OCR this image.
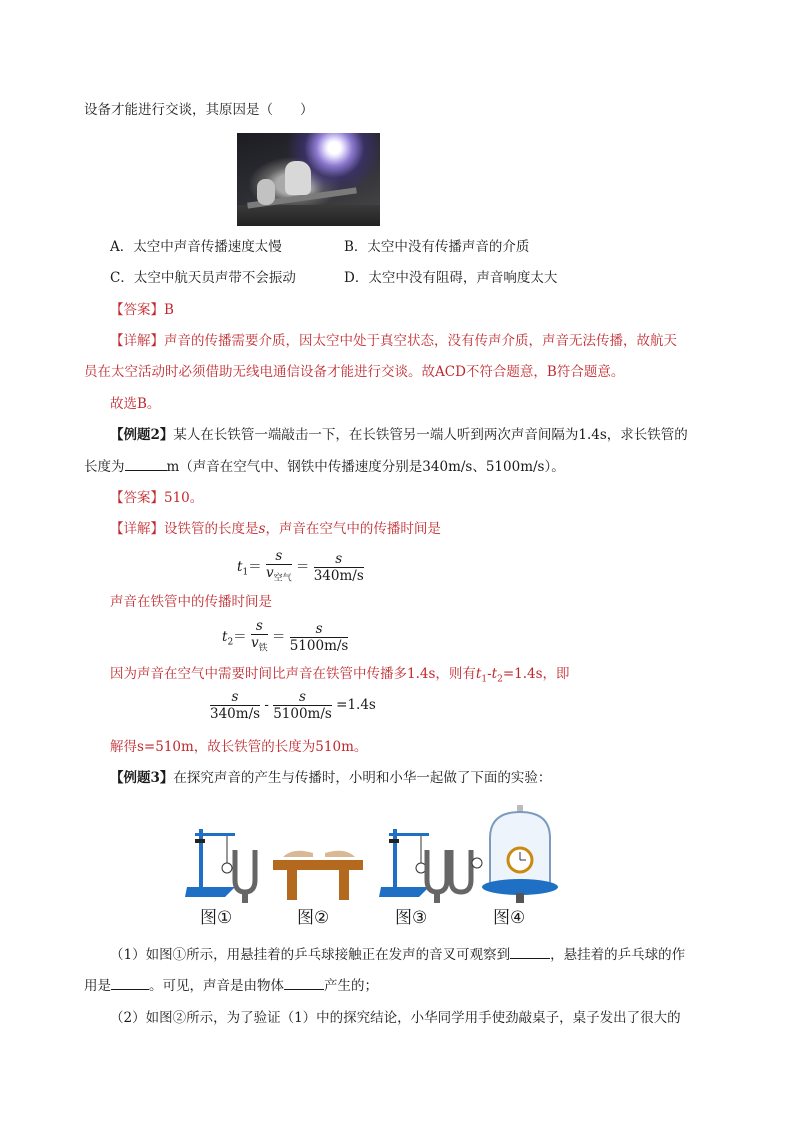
设备才能进行交谈，其原因是（　　）
A．太空中声音传播速度太慢	B．太空中没有传播声音的介质
C．太空中航天员声带不会振动	D．太空中没有阻碍，声音响度太大
【答案】B
【详解】声音的传播需要介质，因太空中处于真空状态，没有传声介质，声音无法传播，故航天
员在太空活动时必须借助无线电通信设备才能进行交谈。故ACD不符合题意，B符合题意。
故选B。
【例题2】某人在长铁管一端敲击一下，在长铁管另一端人听到两次声音间隔为1.4s，求长铁管的
长度为	m（声音在空气中、钢铁中传播速度分别是340m/s、5100m/s）。
【答案】510。
【详解】设铁管的长度是s，声音在空气中的传播时间是
$t_1= \frac{s}{v_{空气}} = \frac{s}{340m/s}$
声音在铁管中的传播时间是
$t_2= \frac{s}{v_铁} = \frac{s}{5100m/s}$
因为声音在空气中需要时间比声音在铁管中传播多1.4s，则有$t_1-t_2=1.4s$，即
$\frac{s}{340m/s} - \frac{s}{5100m/s} =1.4s$
解得s=510m，故长铁管的长度为510m。
【例题3】在探究声音的产生与传播时，小明和小华一起做了下面的实验：
图①	图②	图③	图④
（1）如图①所示，用悬挂着的乒乓球接触正在发声的音叉可观察到	，悬挂着的乒乓球的作
用是	。可见，声音是由物体	产生的；
（2）如图②所示，为了验证（1）中的探究结论，小华同学用手使劲敲桌子，桌子发出了很大的
